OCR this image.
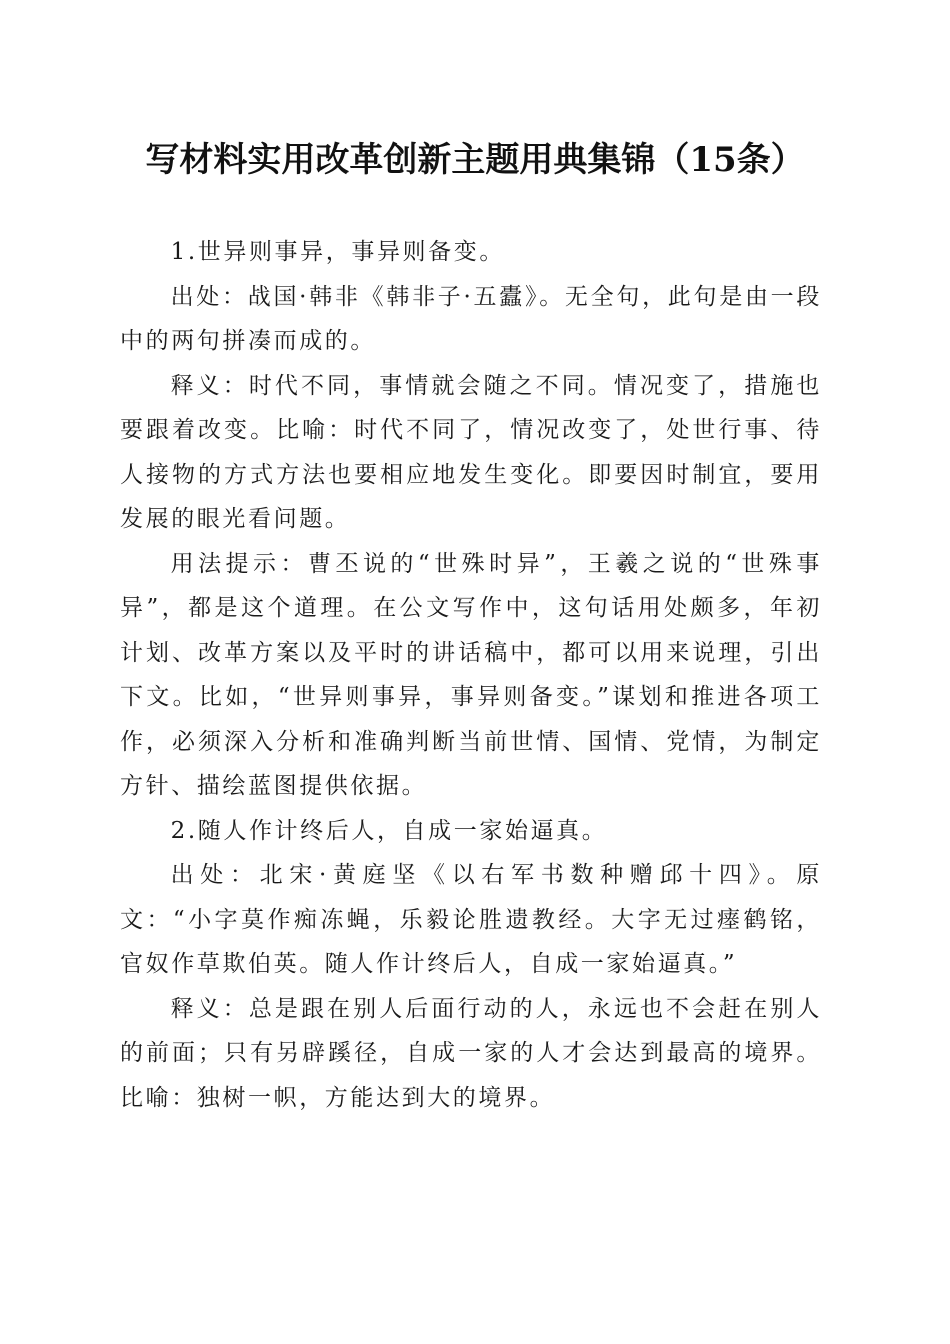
写材料实用改革创新主题用典集锦（15条）

1.世异则事异，事异则备变。

出处：战国·韩非《韩非子·五蠹》。无全句，此句是由一段中的两句拼凑而成的。

释义：时代不同，事情就会随之不同。情况变了，措施也要跟着改变。比喻：时代不同了，情况改变了，处世行事、待人接物的方式方法也要相应地发生变化。即要因时制宜，要用发展的眼光看问题。

用法提示：曹丕说的“世殊时异”，王羲之说的“世殊事异”，都是这个道理。在公文写作中，这句话用处颇多，年初计划、改革方案以及平时的讲话稿中，都可以用来说理，引出下文。比如，“世异则事异，事异则备变。”谋划和推进各项工作，必须深入分析和准确判断当前世情、国情、党情，为制定方针、描绘蓝图提供依据。

2.随人作计终后人，自成一家始逼真。

出处：北宋·黄庭坚《以右军书数种赠邱十四》。原文：“小字莫作痴冻蝇，乐毅论胜遗教经。大字无过瘗鹤铭，官奴作草欺伯英。随人作计终后人，自成一家始逼真。”

释义：总是跟在别人后面行动的人，永远也不会赶在别人的前面；只有另辟蹊径，自成一家的人才会达到最高的境界。比喻：独树一帜，方能达到大的境界。
